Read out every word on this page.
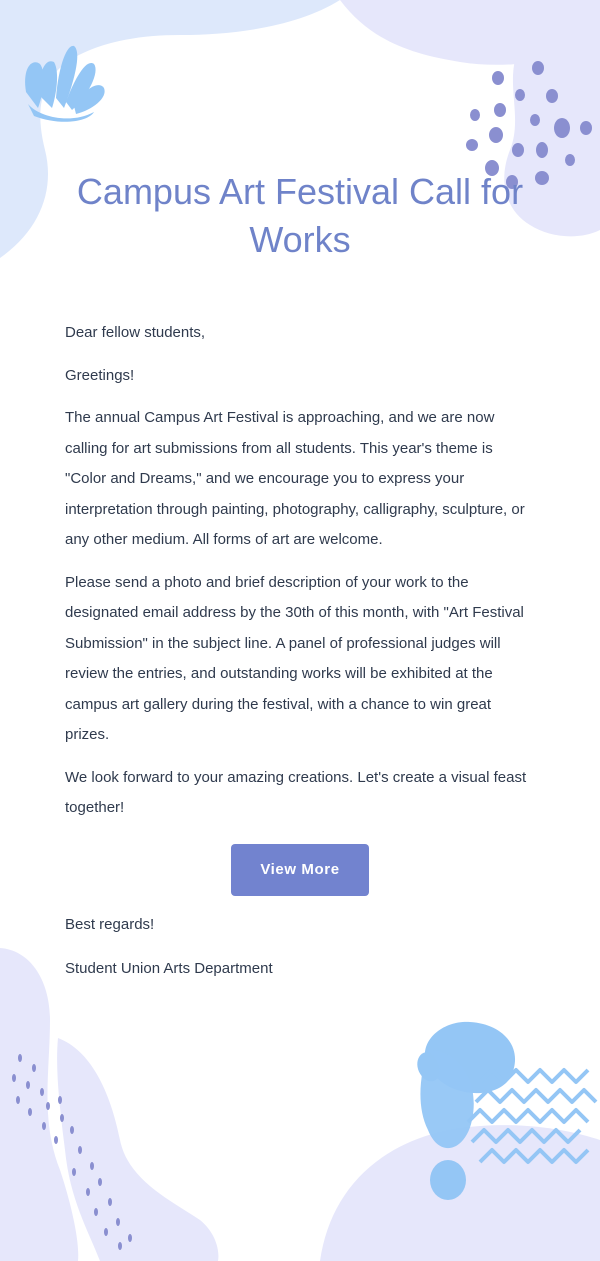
Campus Art Festival Call for Works

Dear fellow students,

Greetings!

The annual Campus Art Festival is approaching, and we are now calling for art submissions from all students. This year's theme is "Color and Dreams," and we encourage you to express your interpretation through painting, photography, calligraphy, sculpture, or any other medium. All forms of art are welcome.

Please send a photo and brief description of your work to the designated email address by the 30th of this month, with "Art Festival Submission" in the subject line. A panel of professional judges will review the entries, and outstanding works will be exhibited at the campus art gallery during the festival, with a chance to win great prizes.

We look forward to your amazing creations. Let's create a visual feast together!

View More

Best regards!

Student Union Arts Department
